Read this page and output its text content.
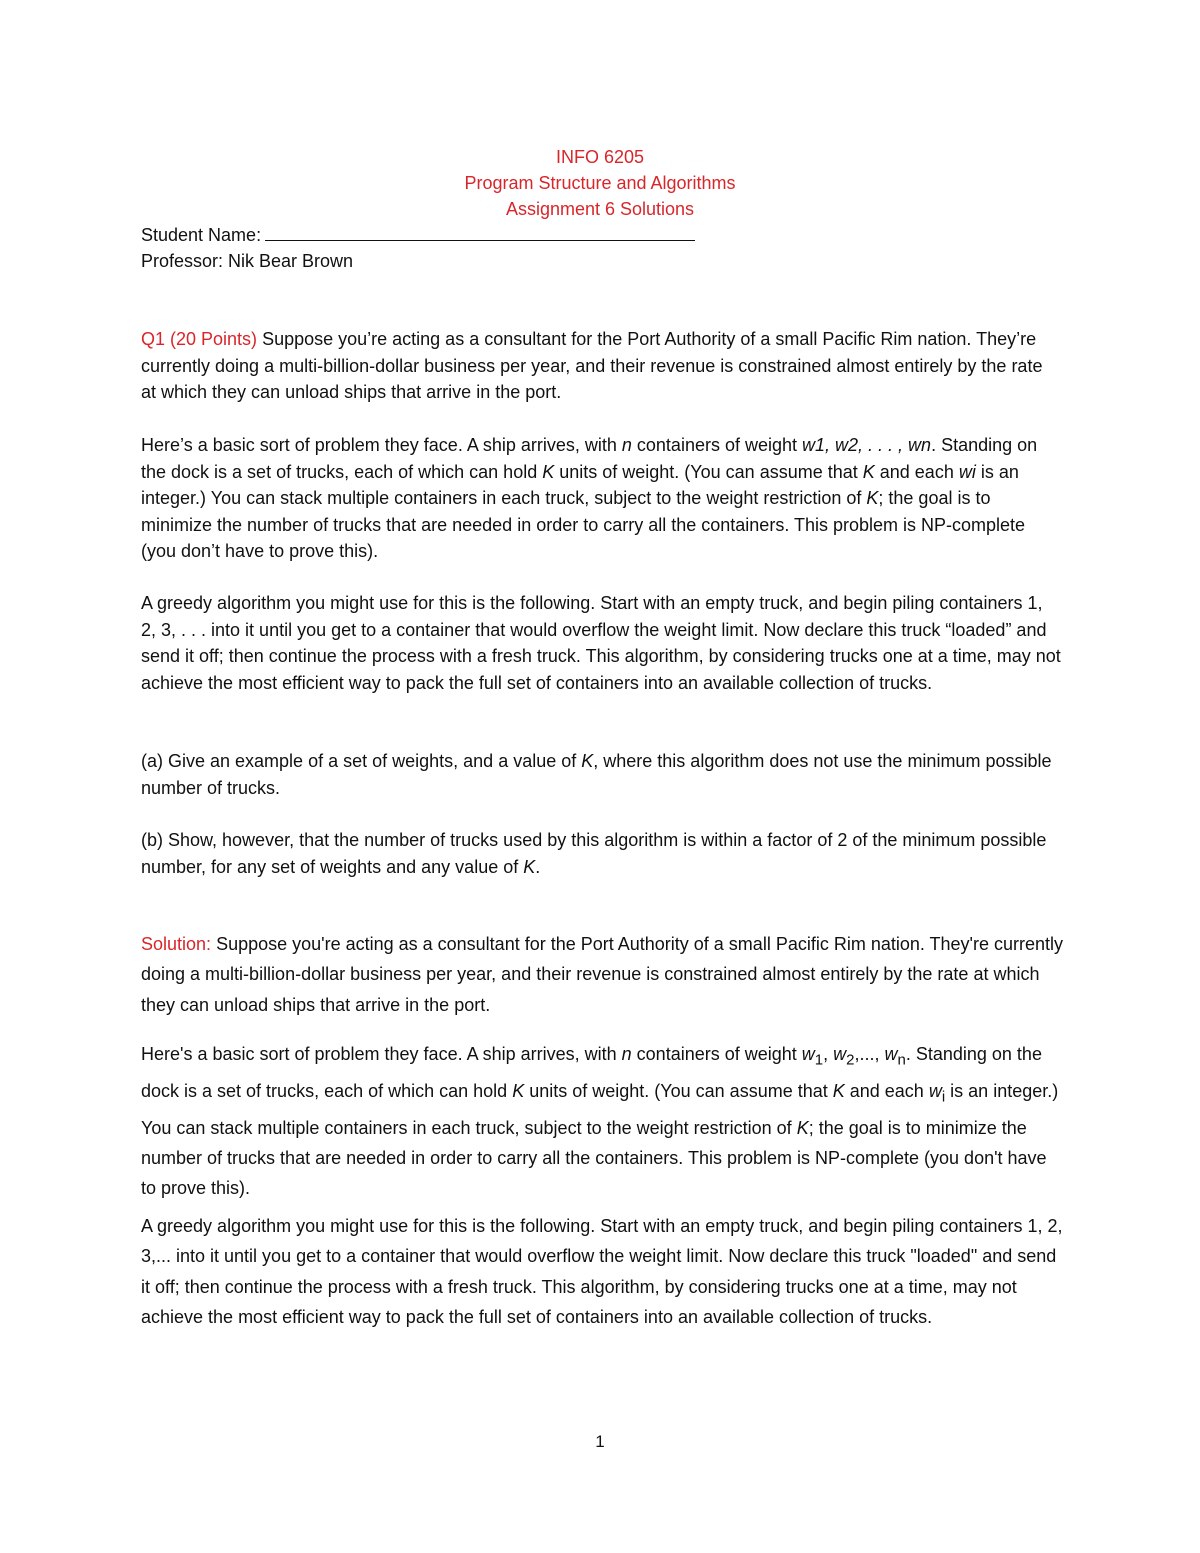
INFO 6205
Program Structure and Algorithms
Assignment 6 Solutions
Student Name:
Professor: Nik Bear Brown

Q1 (20 Points) Suppose you’re acting as a consultant for the Port Authority of a small Pacific Rim nation. They’re currently doing a multi-billion-dollar business per year, and their revenue is constrained almost entirely by the rate at which they can unload ships that arrive in the port.

Here’s a basic sort of problem they face. A ship arrives, with n containers of weight w1, w2, . . . , wn. Standing on the dock is a set of trucks, each of which can hold K units of weight. (You can assume that K and each wi is an integer.) You can stack multiple containers in each truck, subject to the weight restriction of K; the goal is to minimize the number of trucks that are needed in order to carry all the containers. This problem is NP-complete (you don’t have to prove this).

A greedy algorithm you might use for this is the following. Start with an empty truck, and begin piling containers 1, 2, 3, . . . into it until you get to a container that would overflow the weight limit. Now declare this truck “loaded” and send it off; then continue the process with a fresh truck. This algorithm, by considering trucks one at a time, may not achieve the most efficient way to pack the full set of containers into an available collection of trucks.

(a) Give an example of a set of weights, and a value of K, where this algorithm does not use the minimum possible number of trucks.

(b) Show, however, that the number of trucks used by this algorithm is within a factor of 2 of the minimum possible number, for any set of weights and any value of K.

Solution: Suppose you're acting as a consultant for the Port Authority of a small Pacific Rim nation. They're currently doing a multi-billion-dollar business per year, and their revenue is constrained almost entirely by the rate at which they can unload ships that arrive in the port.

Here's a basic sort of problem they face. A ship arrives, with n containers of weight $w_1$, $w_2$,..., $w_n$. Standing on the dock is a set of trucks, each of which can hold K units of weight. (You can assume that K and each $w_i$ is an integer.) You can stack multiple containers in each truck, subject to the weight restriction of K; the goal is to minimize the number of trucks that are needed in order to carry all the containers. This problem is NP-complete (you don't have to prove this).

A greedy algorithm you might use for this is the following. Start with an empty truck, and begin piling containers 1, 2, 3,... into it until you get to a container that would overflow the weight limit. Now declare this truck "loaded" and send it off; then continue the process with a fresh truck. This algorithm, by considering trucks one at a time, may not achieve the most efficient way to pack the full set of containers into an available collection of trucks.

1
